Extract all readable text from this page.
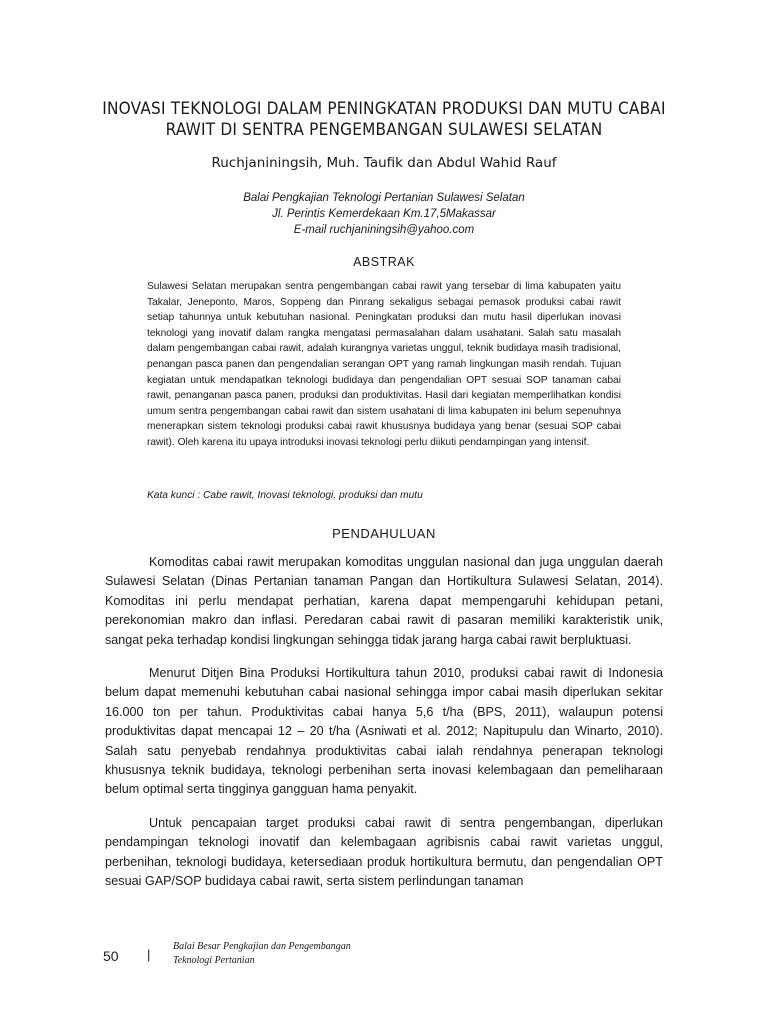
INOVASI TEKNOLOGI DALAM PENINGKATAN PRODUKSI DAN MUTU CABAI RAWIT DI SENTRA PENGEMBANGAN SULAWESI SELATAN

Ruchjaniningsih, Muh. Taufik dan Abdul Wahid Rauf

Balai Pengkajian Teknologi Pertanian Sulawesi Selatan
Jl. Perintis Kemerdekaan Km.17,5Makassar
E-mail ruchjaniningsih@yahoo.com
ABSTRAK

Sulawesi Selatan merupakan sentra pengembangan cabai rawit yang tersebar di lima kabupaten yaitu Takalar, Jeneponto, Maros, Soppeng dan Pinrang sekaligus sebagai pemasok produksi cabai rawit setiap tahunnya untuk kebutuhan nasional. Peningkatan produksi dan mutu hasil diperlukan inovasi teknologi yang inovatif dalam rangka mengatasi permasalahan dalam usahatani. Salah satu masalah dalam pengembangan cabai rawit, adalah kurangnya varietas unggul, teknik budidaya masih tradisional, penangan pasca panen dan pengendalian serangan OPT yang ramah lingkungan masih rendah. Tujuan kegiatan untuk mendapatkan teknologi budidaya dan pengendalian OPT sesuai SOP tanaman cabai rawit, penanganan pasca panen, produksi dan produktivitas. Hasil dari kegiatan memperlihatkan kondisi umum sentra pengembangan cabai rawit dan sistem usahatani di lima kabupaten ini belum sepenuhnya menerapkan sistem teknologi produksi cabai rawit khususnya budidaya yang benar (sesuai SOP cabai rawit). Oleh karena itu upaya introduksi inovasi teknologi perlu diikuti pendampingan yang intensif.

Kata kunci : Cabe rawit, Inovasi teknologi, produksi dan mutu

PENDAHULUAN

Komoditas cabai rawit merupakan komoditas unggulan nasional dan juga unggulan daerah Sulawesi Selatan (Dinas Pertanian tanaman Pangan dan Hortikultura Sulawesi Selatan, 2014). Komoditas ini perlu mendapat perhatian, karena dapat mempengaruhi kehidupan petani, perekonomian makro dan inflasi. Peredaran cabai rawit di pasaran memiliki karakteristik unik, sangat peka terhadap kondisi lingkungan sehingga tidak jarang harga cabai rawit berpluktuasi.

Menurut Ditjen Bina Produksi Hortikultura tahun 2010, produksi cabai rawit di Indonesia belum dapat memenuhi kebutuhan cabai nasional sehingga impor cabai masih diperlukan sekitar 16.000 ton per tahun. Produktivitas cabai hanya 5,6 t/ha (BPS, 2011), walaupun potensi produktivitas dapat mencapai 12 – 20 t/ha (Asniwati et al. 2012; Napitupulu dan Winarto, 2010). Salah satu penyebab rendahnya produktivitas cabai ialah rendahnya penerapan teknologi khususnya teknik budidaya, teknologi perbenihan serta inovasi kelembagaan dan pemeliharaan belum optimal serta tingginya gangguan hama penyakit.

Untuk pencapaian target produksi cabai rawit di sentra pengembangan, diperlukan pendampingan teknologi inovatif dan kelembagaan agribisnis cabai rawit varietas unggul, perbenihan, teknologi budidaya, ketersediaan produk hortikultura bermutu, dan pengendalian OPT sesuai GAP/SOP budidaya cabai rawit, serta sistem perlindungan tanaman

50 |
Balai Besar Pengkajian dan Pengembangan
Teknologi Pertanian
